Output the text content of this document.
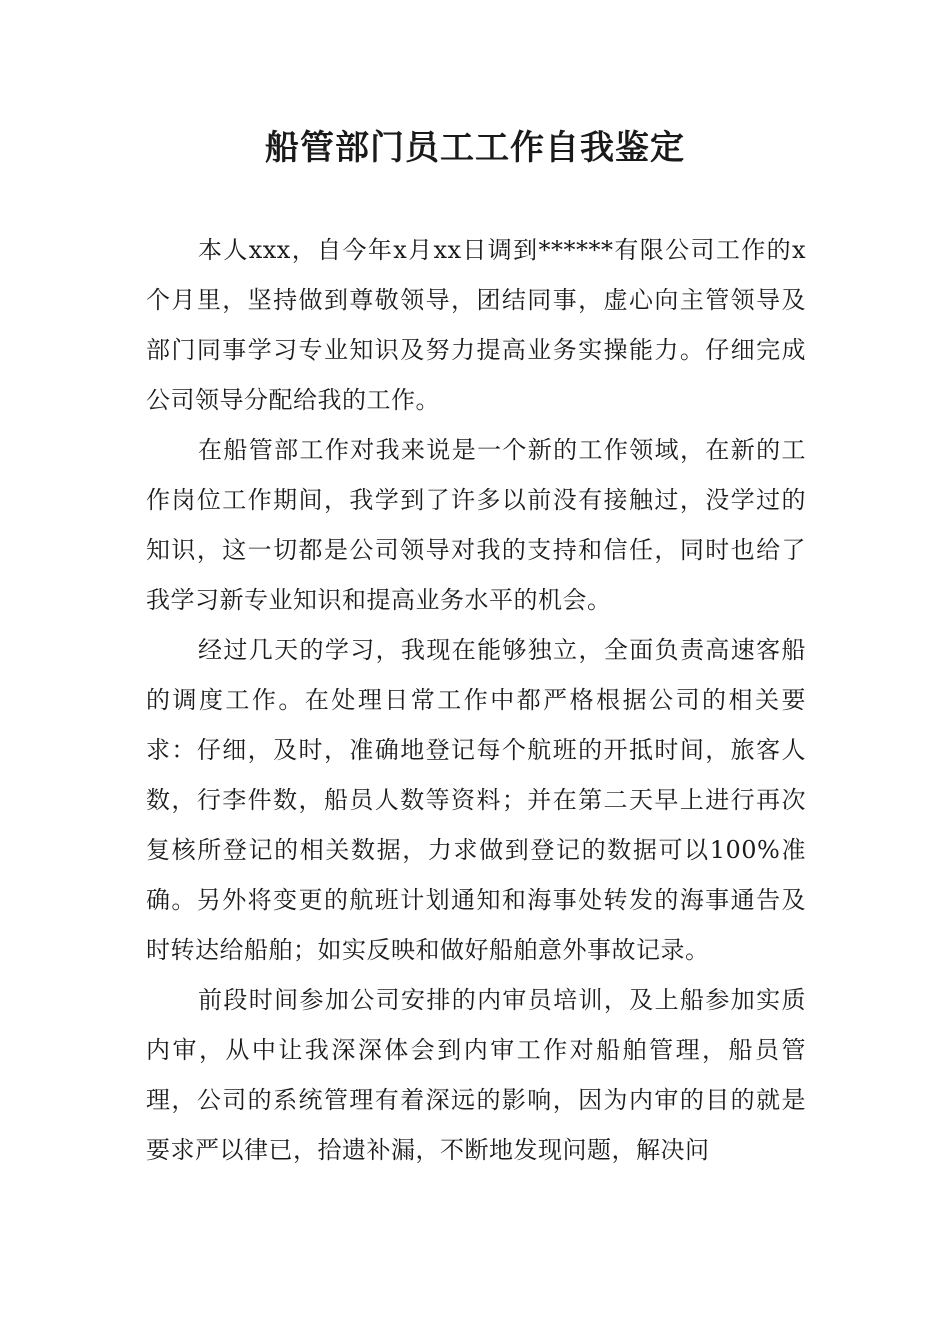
船管部门员工工作自我鉴定

本人xxx，自今年x月xx日调到******有限公司工作的x个月里，坚持做到尊敬领导，团结同事，虚心向主管领导及部门同事学习专业知识及努力提高业务实操能力。仔细完成公司领导分配给我的工作。

在船管部工作对我来说是一个新的工作领域，在新的工作岗位工作期间，我学到了许多以前没有接触过，没学过的知识，这一切都是公司领导对我的支持和信任，同时也给了我学习新专业知识和提高业务水平的机会。

经过几天的学习，我现在能够独立，全面负责高速客船的调度工作。在处理日常工作中都严格根据公司的相关要求：仔细，及时，准确地登记每个航班的开抵时间，旅客人数，行李件数，船员人数等资料；并在第二天早上进行再次复核所登记的相关数据，力求做到登记的数据可以100%准确。另外将变更的航班计划通知和海事处转发的海事通告及时转达给船舶；如实反映和做好船舶意外事故记录。

前段时间参加公司安排的内审员培训，及上船参加实质内审，从中让我深深体会到内审工作对船舶管理，船员管理，公司的系统管理有着深远的影响，因为内审的目的就是要求严以律已，拾遗补漏，不断地发现问题，解决问
